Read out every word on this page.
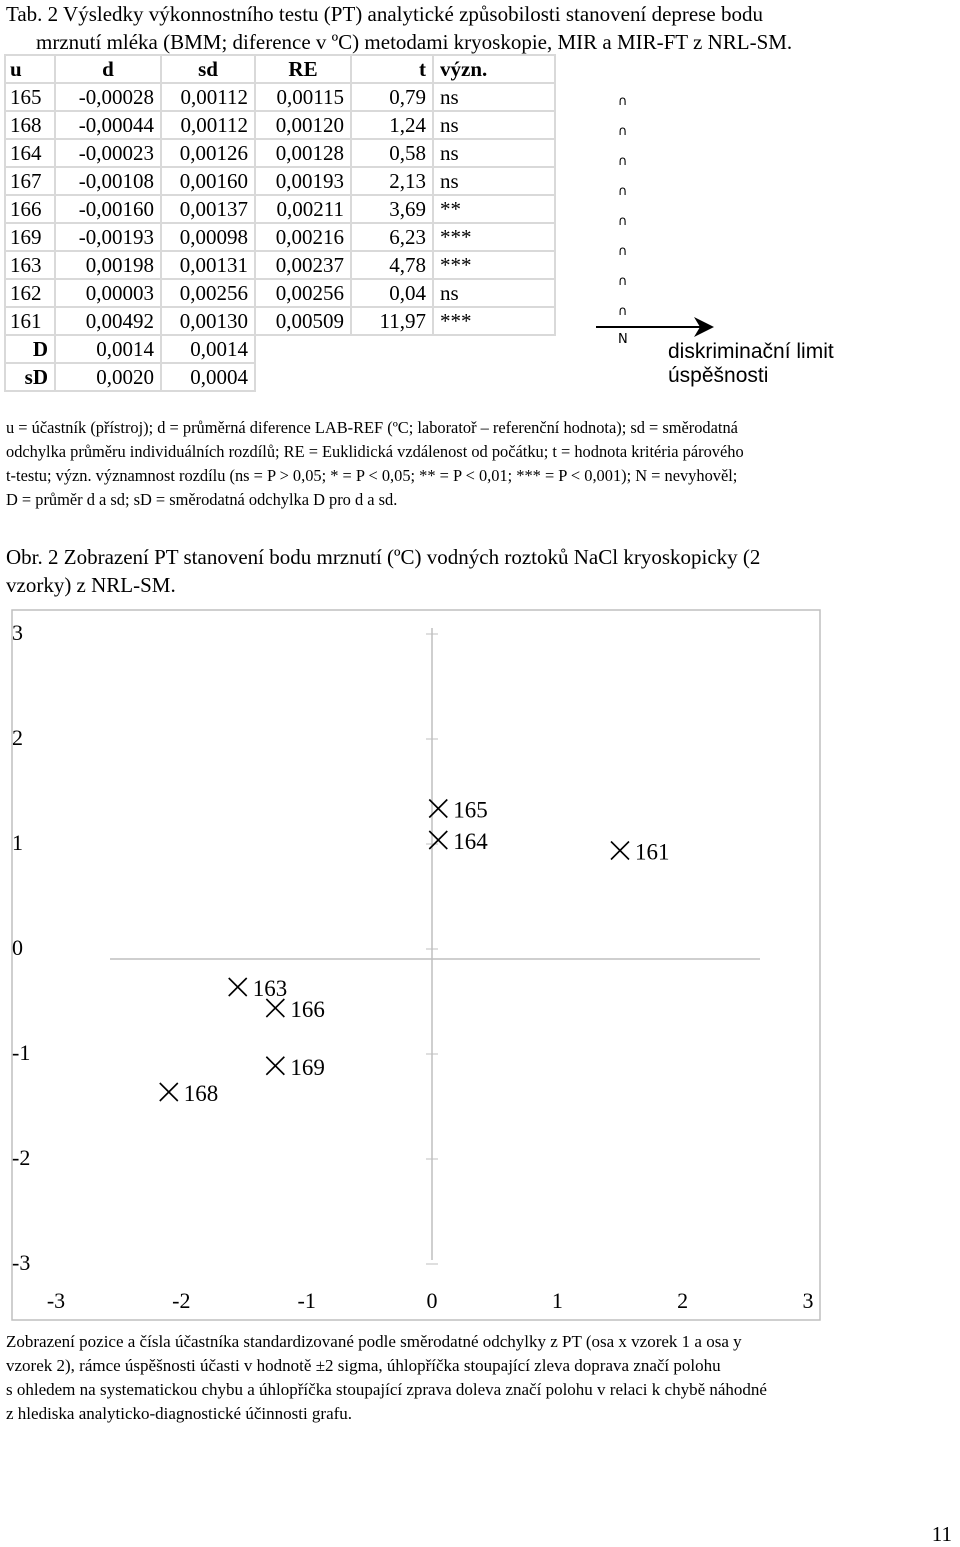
Tab. 2 Výsledky výkonnostního testu (PT) analytické způsobilosti stanovení deprese bodu
mrznutí mléka (BMM; diference v ºC) metodami kryoskopie, MIR a MIR-FT z NRL-SM.
u	d	sd	RE	t	význ.
165	-0,00028	0,00112	0,00115	0,79	ns
168	-0,00044	0,00112	0,00120	1,24	ns
164	-0,00023	0,00126	0,00128	0,58	ns
167	-0,00108	0,00160	0,00193	2,13	ns
166	-0,00160	0,00137	0,00211	3,69	**
169	-0,00193	0,00098	0,00216	6,23	***
163	0,00198	0,00131	0,00237	4,78	***
162	0,00003	0,00256	0,00256	0,04	ns
161	0,00492	0,00130	0,00509	11,97	***
D	0,0014	0,0014			
sD	0,0020	0,0004			
∩
∩
∩
∩
∩
∩
∩
∩
N
diskriminační limit
úspěšnosti
u = účastník (přístroj); d = průměrná diference LAB-REF (ºC; laboratoř – referenční hodnota); sd = směrodatná
odchylka průměru individuálních rozdílů; RE = Euklidická vzdálenost od počátku; t = hodnota kritéria párového
t-testu; význ. významnost rozdílu (ns = P > 0,05; * = P < 0,05; ** = P < 0,01; *** = P < 0,001); N = nevyhověl;
D = průměr d a sd; sD = směrodatná odchylka D pro d a sd.
Obr. 2 Zobrazení PT stanovení bodu mrznutí (ºC) vodných roztoků NaCl kryoskopicky (2
vzorky) z NRL-SM.
3
2
1
0
-1
-2
-3
-3	-2	-1	0	1	2	3
165
164	161
163
166
169
168
Zobrazení pozice a čísla účastníka standardizované podle směrodatné odchylky z PT (osa x vzorek 1 a osa y
vzorek 2), rámce úspěšnosti účasti v hodnotě ±2 sigma, úhlopříčka stoupající zleva doprava značí polohu
s ohledem na systematickou chybu a úhlopříčka stoupající zprava doleva značí polohu v relaci k chybě náhodné
z hlediska analyticko-diagnostické účinnosti grafu.
11
